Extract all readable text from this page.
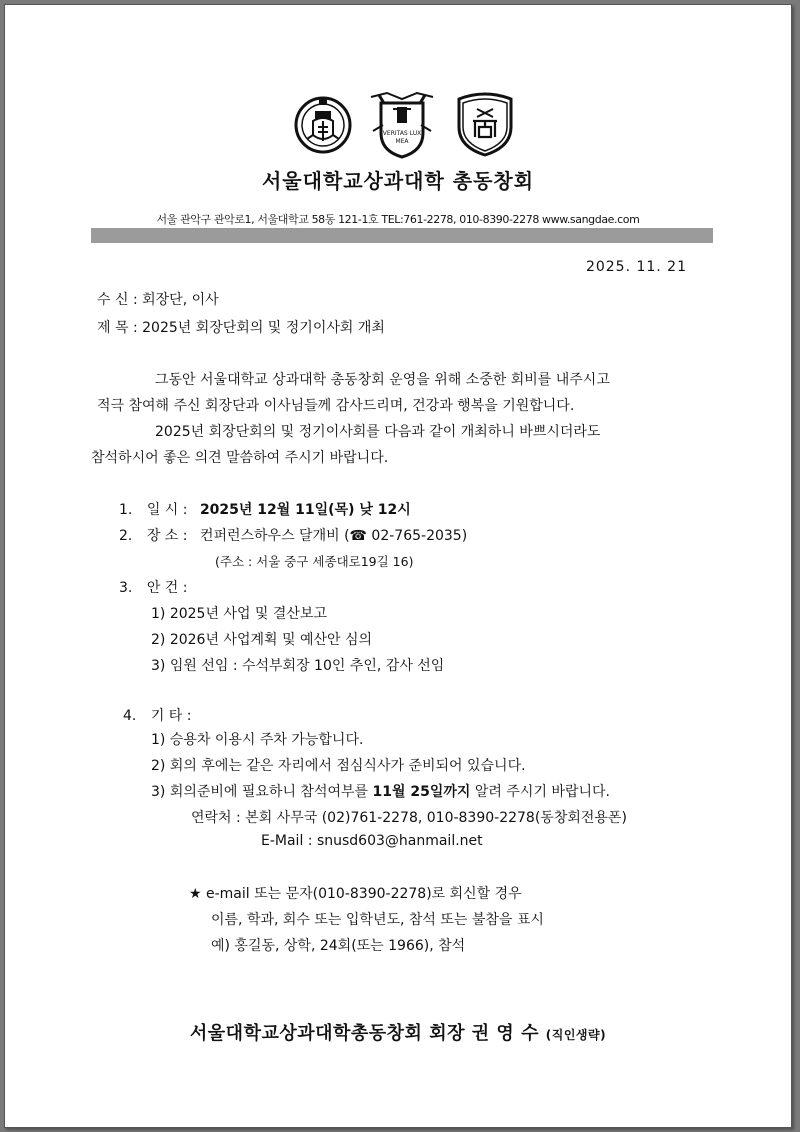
VERITAS LUX
MEA
서울대학교상과대학 총동창회
서울 관악구 관악로1, 서울대학교 58동 121-1호 TEL:761-2278, 010-8390-2278 www.sangdae.com
2025. 11. 21
수 신 : 회장단, 이사
제 목 : 2025년 회장단회의 및 정기이사회 개최
그동안 서울대학교 상과대학 총동창회 운영을 위해 소중한 회비를 내주시고
적극 참여해 주신 회장단과 이사님들께 감사드리며, 건강과 행복을 기원합니다.
2025년 회장단회의 및 정기이사회를 다음과 같이 개최하니 바쁘시더라도
참석하시어 좋은 의견 말씀하여 주시기 바랍니다.
1. 일 시 : 2025년 12월 11일(목) 낮 12시
2. 장 소 : 컨퍼런스하우스 달개비 (☎ 02-765-2035)
(주소 : 서울 중구 세종대로19길 16)
3. 안 건 :
1) 2025년 사업 및 결산보고
2) 2026년 사업계획 및 예산안 심의
3) 임원 선임 : 수석부회장 10인 추인, 감사 선임
4. 기 타 :
1) 승용차 이용시 주차 가능합니다.
2) 회의 후에는 같은 자리에서 점심식사가 준비되어 있습니다.
3) 회의준비에 필요하니 참석여부를 11월 25일까지 알려 주시기 바랍니다.
연락처 : 본회 사무국 (02)761-2278, 010-8390-2278(동창회전용폰)
E-Mail : snusd603@hanmail.net
★ e-mail 또는 문자(010-8390-2278)로 회신할 경우
이름, 학과, 회수 또는 입학년도, 참석 또는 불참을 표시
예) 홍길동, 상학, 24회(또는 1966), 참석
서울대학교상과대학총동창회 회장 권 영 수 (직인생략)
